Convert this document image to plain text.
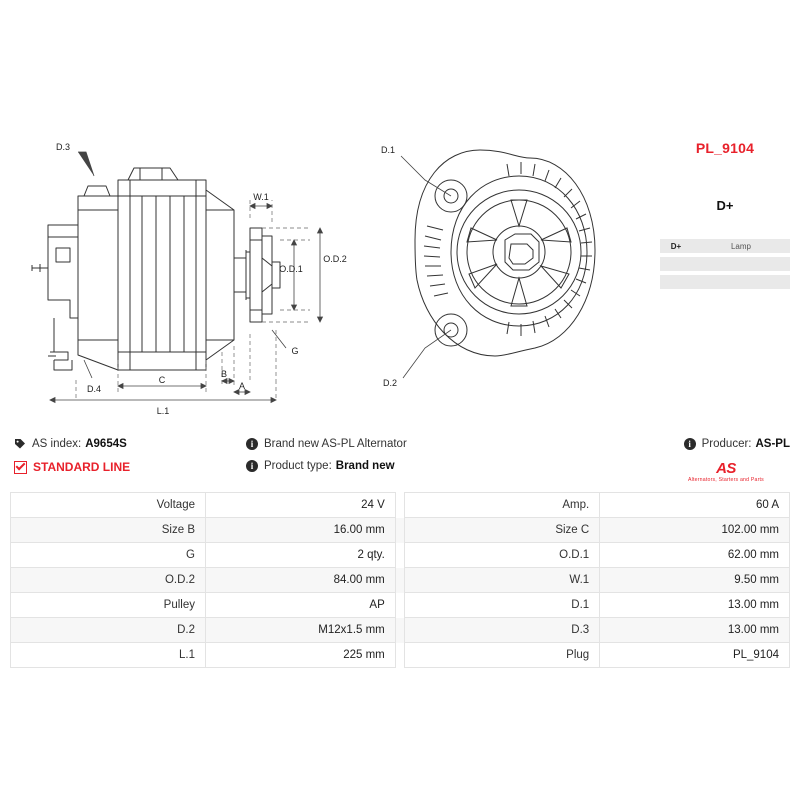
D.3
D.4
W.1
O.D.1
O.D.2
G
C
B
A
L.1
D.1
D.2
PL_9104
D+
D+	Lamp

AS index: A9654S
STANDARD LINE
i Brand new AS-PL Alternator
i Product type: Brand new
i Producer: AS-PL
AS
Alternators, Starters and Parts
Voltage	24 V		Amp.	60 A
Size B	16.00 mm		Size C	102.00 mm
G	2 qty.		O.D.1	62.00 mm
O.D.2	84.00 mm		W.1	9.50 mm
Pulley	AP		D.1	13.00 mm
D.2	M12x1.5 mm		D.3	13.00 mm
L.1	225 mm		Plug	PL_9104
